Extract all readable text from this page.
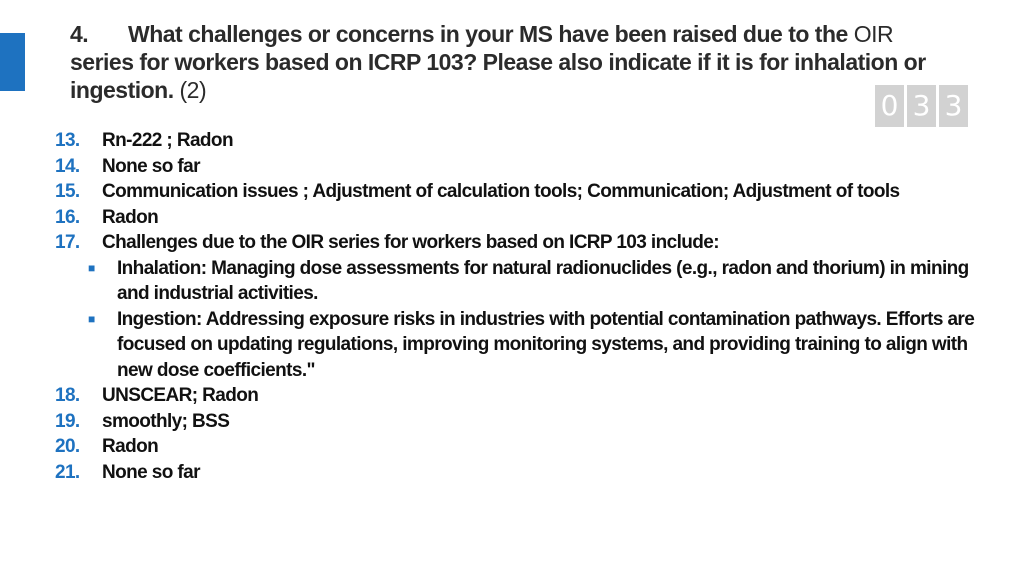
4. What challenges or concerns in your MS have been raised due to the OIR series for workers based on ICRP 103? Please also indicate if it is for inhalation or ingestion. (2)	0 3 3
13.	Rn-222 ; Radon
14.	None so far
15.	Communication issues ; Adjustment of calculation tools; Communication; Adjustment of tools
16.	Radon
17.	Challenges due to the OIR series for workers based on ICRP 103 include:
■	Inhalation: Managing dose assessments for natural radionuclides (e.g., radon and thorium) in mining and industrial activities.
■	Ingestion: Addressing exposure risks in industries with potential contamination pathways. Efforts are focused on updating regulations, improving monitoring systems, and providing training to align with new dose coefficients."
18.	UNSCEAR; Radon
19.	smoothly; BSS
20.	Radon
21.	None so far
